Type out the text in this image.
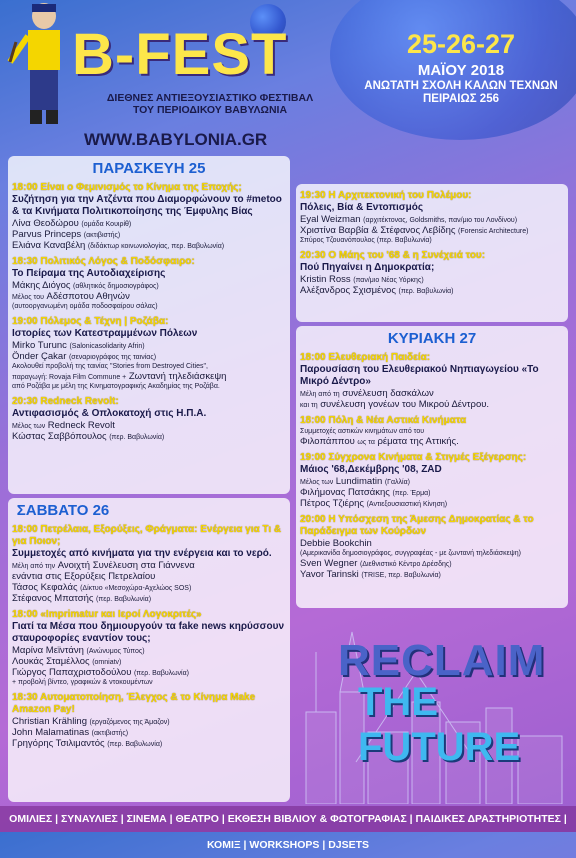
B-FEST
ΔΙΕΘΝΕΣ ΑΝΤΙΕΞΟΥΣΙΑΣΤΙΚΟ ΦΕΣΤΙΒΑΛ
ΤΟΥ ΠΕΡΙΟΔΙΚΟΥ ΒΑΒΥΛΩΝΙΑ
25-26-27
ΜΑΪΟΥ 2018
ΑΝΩΤΑΤΗ ΣΧΟΛΗ ΚΑΛΩΝ ΤΕΧΝΩΝ
ΠΕΙΡΑΙΩΣ 256
WWW.BABYLONIA.GR
ΠΑΡΑΣΚΕΥΗ 25
18:00 Είναι ο Φεμινισμός το Κίνημα της Εποχής;
Συζήτηση για την Ατζέντα που Διαμορφώνουν το #metoo & τα Κινήματα Πολιτικοποίησης της Έμφυλης Βίας
Λίνα Θεοδώρου (ομάδα Κουιρίθ)
Parvus Princeps (ακτιβιστής)
Ελιάνα Καναβέλη (διδάκτωρ κοινωνιολογίας, περ. Βαβυλωνία)
18:30 Πολιτικός Λόγος & Ποδόσφαιρο:
Το Πείραμα της Αυτοδιαχείρισης
Μάκης Διόγος (αθλητικός δημοσιογράφος)
Μέλος του Αδέσποτου Αθηνών
(αυτοοργανωμένη ομάδα ποδοσφαίρου σάλας)
19:00 Πόλεμος & Τέχνη | Ροζάβα:
Ιστορίες των Κατεστραμμένων Πόλεων
Mirko Turunc (Salonicasolidarity Afrin)
Önder Çakar (σεναριογράφος της ταινίας)
Ακολουθεί προβολή της ταινίας "Stories from Destroyed Cities",
παραγωγή: Rovaja Film Commune + Ζωντανή τηλεδιάσκεψη
από Ροζάβα με μέλη της Κινηματογραφικής Ακαδημίας της Ροζάβα.
20:30 Redneck Revolt:
Αντιφασισμός & Οπλοκατοχή στις Η.Π.Α.
Μέλος των Redneck Revolt
Κώστας Σαββόπουλος (περ. Βαβυλωνία)
ΣΑΒΒΑΤΟ 26
18:00 Πετρέλαια, Εξορύξεις, Φράγματα: Ενέργεια για Τι & για Ποιον;
Συμμετοχές από κινήματα για την ενέργεια και το νερό.
Μέλη από την Ανοιχτή Συνέλευση στα Γιάννενα
ενάντια στις Εξορύξεις Πετρελαίου
Τάσος Κεφαλάς (Δίκτυο «Μεσοχώρα-Αχελώος SOS)
Στέφανος Μπατσής (περ. Βαβυλωνία)
18:00 «Imprimatur και Ιεροί Λογοκριτές»
Γιατί τα Μέσα που δημιουργούν τα fake news κηρύσσουν σταυροφορίες εναντίον τους;
Μαρίνα Μεϊντάνη (Ανώνυμος Τύπος)
Λουκάς Σταμέλλος (omniatv)
Γιώργος Παπαχριστοδούλου (περ. Βαβυλωνία)
+ προβολή βίντεο, γραφικών & ντοκουμέντων
18:30 Αυτοματοποίηση, Έλεγχος & το Κίνημα Make Amazon Pay!
Christian Krähling (εργαζόμενος της Άμαζον)
John Malamatinas (ακτιβιστής)
Γρηγόρης Τσιλιμαντός (περ. Βαβυλωνία)
19:30 Η Αρχιτεκτονική του Πολέμου:
Πόλεις, Βία & Εντοπισμός
Eyal Weizman (αρχιτέκτονας, Goldsmiths, παν/μιο του Λονδίνου)
Χριστίνα Βαρβία & Στέφανος Λεβίδης (Forensic Architecture)
Σπύρος Τζουανόπουλος (περ. Βαβυλωνία)
20:30 Ο Μάης του '68 & η Συνέχειά του:
Πού Πηγαίνει η Δημοκρατία;
Kristin Ross (παν/μιο Νέας Υόρκης)
Αλέξανδρος Σχισμένος (περ. Βαβυλωνία)
ΚΥΡΙΑΚΗ 27
18:00 Ελευθεριακή Παιδεία:
Παρουσίαση του Ελευθεριακού Νηπιαγωγείου «Το Μικρό Δέντρο»
Μέλη από τη συνέλευση δασκάλων
και τη συνέλευση γονέων του Μικρού Δέντρου.
18:00 Πόλη & Νέα Αστικά Κινήματα
Συμμετοχές αστικών κινημάτων από του
Φιλοπάππου ως τα ρέματα της Αττικής.
19:00 Σύγχρονα Κινήματα & Στιγμές Εξέγερσης:
Μάιος '68,Δεκέμβρης '08, ZAD
Μέλος των Lundimatin (Γαλλία)
Φιλήμονας Πατσάκης (περ. Έρμα)
Πέτρος Τζιέρης (Αντιεξουσιαστική Κίνηση)
20:00 Η Υπόσχεση της Άμεσης Δημοκρατίας & το Παράδειγμα των Κούρδων
Debbie Bookchin
(Αμερικανίδα δημοσιογράφος, συγγραφέας - με ζωντανή τηλεδιάσκεψη)
Sven Wegner (Διεθνιστικό Κέντρο Δρέσδης)
Yavor Tarinski (TRISE, περ. Βαβυλωνία)
RECLAIM
THE FUTURE
ΟΜΙΛΙΕΣ | ΣΥΝΑΥΛΙΕΣ | ΣΙΝΕΜΑ | ΘΕΑΤΡΟ | ΕΚΘΕΣΗ ΒΙΒΛΙΟΥ & ΦΩΤΟΓΡΑΦΙΑΣ | ΠΑΙΔΙΚΕΣ ΔΡΑΣΤΗΡΙΟΤΗΤΕΣ | ΚΟΜΙΞ | WORKSHOPS | DJSETS
